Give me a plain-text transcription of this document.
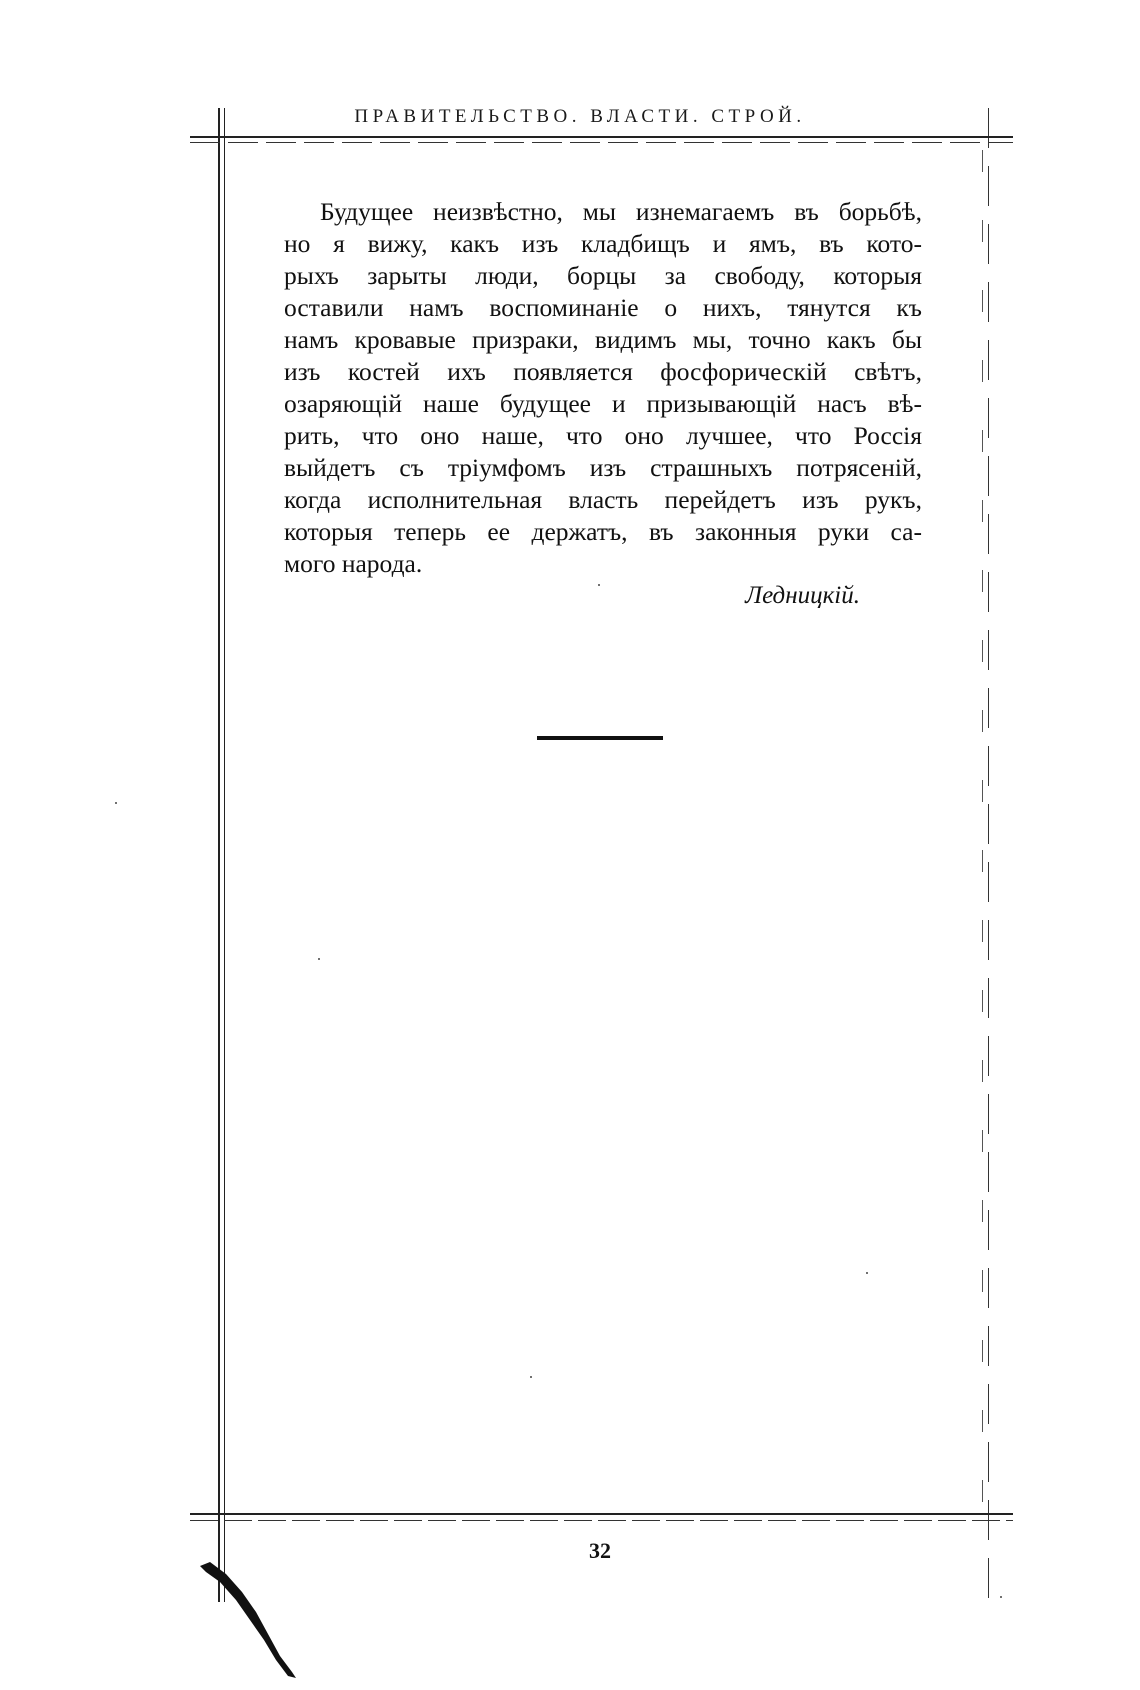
ПРАВИТЕЛЬСТВО. ВЛАСТИ. СТРОЙ.
Будущее неизвѣстно, мы изнемагаемъ въ борьбѣ,
но я вижу, какъ изъ кладбищъ и ямъ, въ кото-
рыхъ зарыты люди, борцы за свободу, которыя
оставили намъ воспоминаніе о нихъ, тянутся къ
намъ кровавые призраки, видимъ мы, точно какъ бы
изъ костей ихъ появляется фосфорическій свѣтъ,
озаряющій наше будущее и призывающій насъ вѣ-
рить, что оно наше, что оно лучшее, что Россія
выйдетъ съ тріумфомъ изъ страшныхъ потрясеній,
когда исполнительная власть перейдетъ изъ рукъ,
которыя теперь ее держатъ, въ законныя руки са-
мого народа.
Ледницкій.
32
